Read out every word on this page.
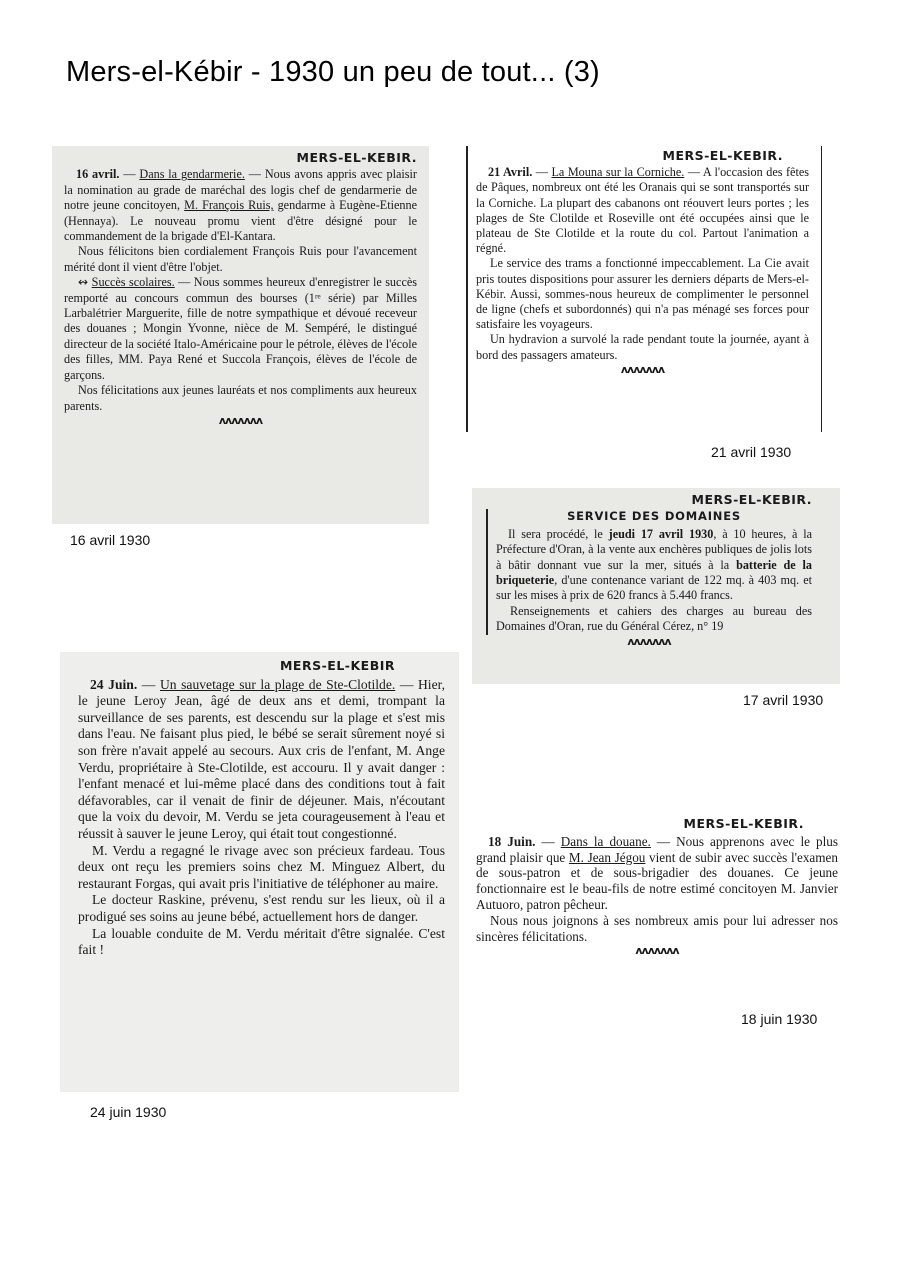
Mers-el-Kébir - 1930 un peu de tout... (3)
MERS-EL-KEBIR.

16 avril. — Dans la gendarmerie. — Nous avons appris avec plaisir la nomination au grade de maréchal des logis chef de gendarmerie de notre jeune concitoyen, M. François Ruis, gendarme à Eugène-Etienne (Hennaya). Le nouveau promu vient d'être désigné pour le commandement de la brigade d'El-Kantara.

Nous félicitons bien cordialement François Ruis pour l'avancement mérité dont il vient d'être l'objet.

↭ Succès scolaires. — Nous sommes heureux d'enregistrer le succès remporté au concours commun des bourses (1ʳᵉ série) par Milles Larbalétrier Marguerite, fille de notre sympathique et dévoué receveur des douanes ; Mongin Yvonne, nièce de M. Sempéré, le distingué directeur de la société Italo-Américaine pour le pétrole, élèves de l'école des filles, MM. Paya René et Succola François, élèves de l'école de garçons.

Nos félicitations aux jeunes lauréats et nos compliments aux heureux parents.

ʌʌʌʌʌʌʌ
16 avril 1930
MERS-EL-KEBIR.

21 Avril. — La Mouna sur la Corniche. — A l'occasion des fêtes de Pâques, nombreux ont été les Oranais qui se sont transportés sur la Corniche. La plupart des cabanons ont réouvert leurs portes ; les plages de Ste Clotilde et Roseville ont été occupées ainsi que le plateau de Ste Clotilde et la route du col. Partout l'animation a régné.

Le service des trams a fonctionné impeccablement. La Cie avait pris toutes dispositions pour assurer les derniers départs de Mers-el-Kébir. Aussi, sommes-nous heureux de complimenter le personnel de ligne (chefs et subordonnés) qui n'a pas ménagé ses forces pour satisfaire les voyageurs.

Un hydravion a survolé la rade pendant toute la journée, ayant à bord des passagers amateurs.

ʌʌʌʌʌʌʌ
21 avril 1930
MERS-EL-KEBIR.
SERVICE DES DOMAINES

Il sera procédé, le jeudi 17 avril 1930, à 10 heures, à la Préfecture d'Oran, à la vente aux enchères publiques de jolis lots à bâtir donnant vue sur la mer, situés à la batterie de la briqueterie, d'une contenance variant de 122 mq. à 403 mq. et sur les mises à prix de 620 francs à 5.440 francs.

Renseignements et cahiers des charges au bureau des Domaines d'Oran, rue du Général Cérez, n° 19

ʌʌʌʌʌʌʌ
17 avril 1930
MERS-EL-KEBIR

24 Juin. — Un sauvetage sur la plage de Ste-Clotilde. — Hier, le jeune Leroy Jean, âgé de deux ans et demi, trompant la surveillance de ses parents, est descendu sur la plage et s'est mis dans l'eau. Ne faisant plus pied, le bébé se serait sûrement noyé si son frère n'avait appelé au secours. Aux cris de l'enfant, M. Ange Verdu, propriétaire à Ste-Clotilde, est accouru. Il y avait danger : l'enfant menacé et lui-même placé dans des conditions tout à fait défavorables, car il venait de finir de déjeuner. Mais, n'écoutant que la voix du devoir, M. Verdu se jeta courageusement à l'eau et réussit à sauver le jeune Leroy, qui était tout congestionné.

M. Verdu a regagné le rivage avec son précieux fardeau. Tous deux ont reçu les premiers soins chez M. Minguez Albert, du restaurant Forgas, qui avait pris l'initiative de téléphoner au maire.

Le docteur Raskine, prévenu, s'est rendu sur les lieux, où il a prodigué ses soins au jeune bébé, actuellement hors de danger.

La louable conduite de M. Verdu méritait d'être signalée. C'est fait !

24 juin 1930
MERS-EL-KEBIR.

18 Juin. — Dans la douane. — Nous apprenons avec le plus grand plaisir que M. Jean Jégou vient de subir avec succès l'examen de sous-patron et de sous-brigadier des douanes. Ce jeune fonctionnaire est le beau-fils de notre estimé concitoyen M. Janvier Autuoro, patron pêcheur.

Nous nous joignons à ses nombreux amis pour lui adresser nos sincères félicitations.

ʌʌʌʌʌʌʌ
18 juin 1930
